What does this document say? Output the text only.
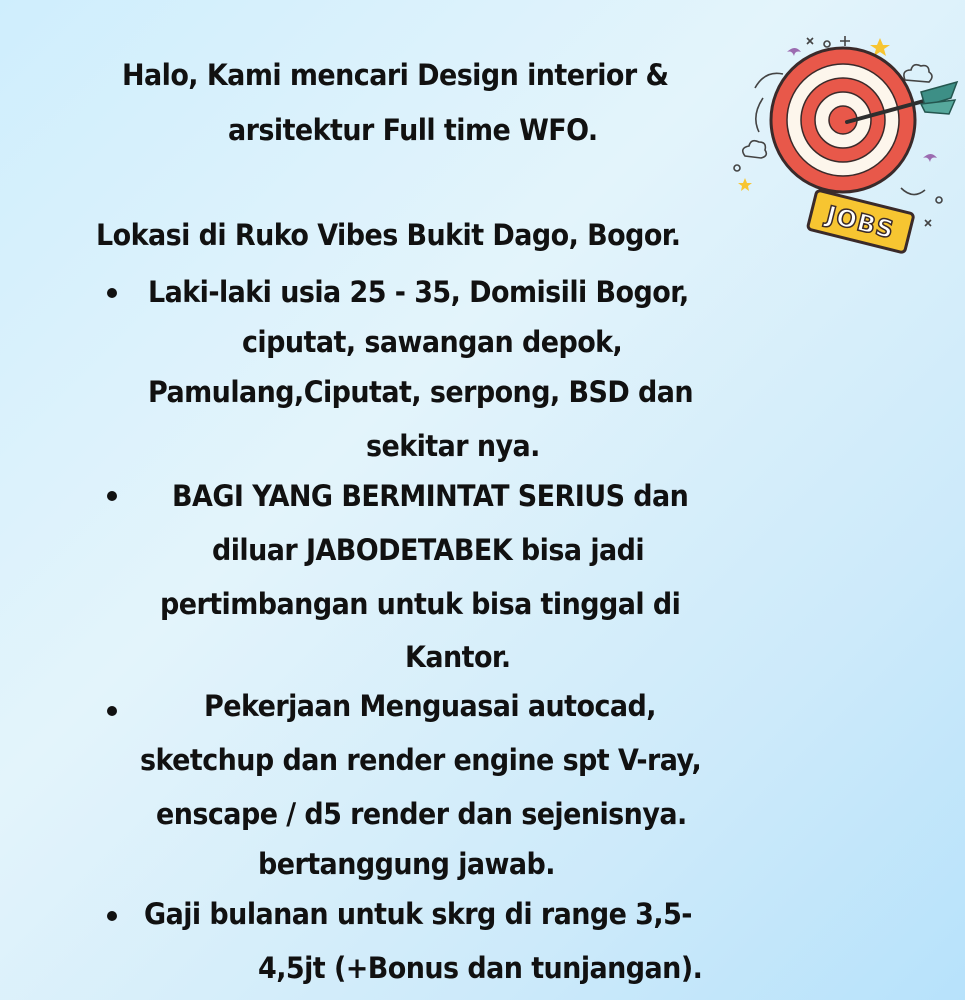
Halo, Kami mencari Design interior &
arsitektur Full time WFO.
Lokasi di Ruko Vibes Bukit Dago, Bogor.
Laki-laki usia 25 - 35, Domisili Bogor,
ciputat, sawangan depok,
Pamulang,Ciputat, serpong, BSD dan
sekitar nya.
BAGI YANG BERMINTAT SERIUS dan
diluar JABODETABEK bisa jadi
pertimbangan untuk bisa tinggal di
Kantor.
Pekerjaan Menguasai autocad,
sketchup dan render engine spt V-ray,
enscape / d5 render dan sejenisnya.
bertanggung jawab.
Gaji bulanan untuk skrg di range 3,5-
4,5jt (+Bonus dan tunjangan).
JOBS
